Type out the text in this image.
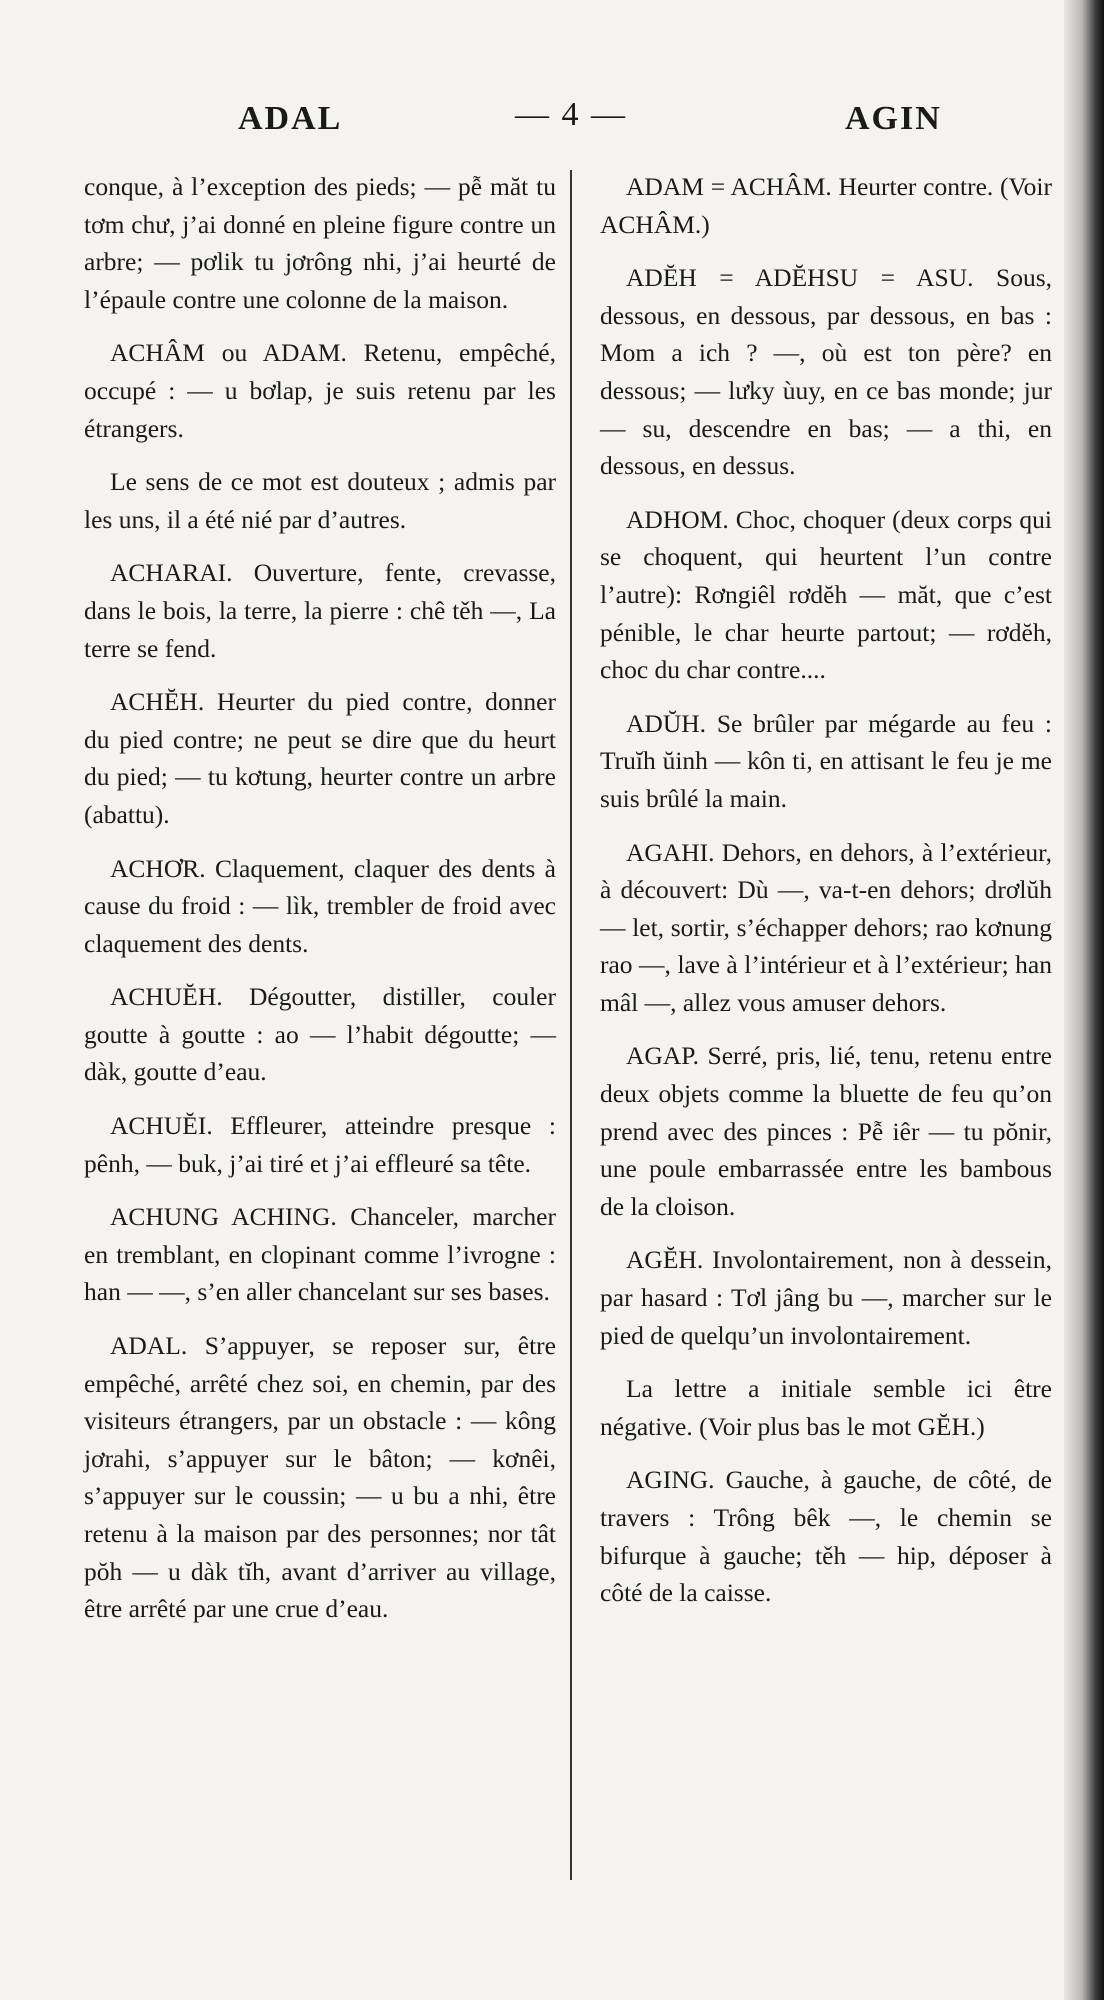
ADAL	— 4 —	AGIN

conque, à l’exception des pieds; — pễ măt tu tơm chư, j’ai donné en pleine figure contre un arbre; — pơlik tu jơrông nhi, j’ai heurté de l’épaule contre une colonne de la maison.

ACHÂM ou ADAM. Retenu, empêché, occupé : — u bơlap, je suis retenu par les étrangers.

Le sens de ce mot est douteux ; admis par les uns, il a été nié par d’autres.

ACHARAI. Ouverture, fente, crevasse, dans le bois, la terre, la pierre : chê těh —, La terre se fend.

ACHĔH. Heurter du pied contre, donner du pied contre; ne peut se dire que du heurt du pied; — tu kơtung, heurter contre un arbre (abattu).

ACHƠR. Claquement, claquer des dents à cause du froid : — lìk, trembler de froid avec claquement des dents.

ACHUĔH. Dégoutter, distiller, couler goutte à goutte : ao — l’habit dégoutte; — dàk, goutte d’eau.

ACHUĔI. Effleurer, atteindre presque : pênh, — buk, j’ai tiré et j’ai effleuré sa tête.

ACHUNG ACHING. Chanceler, marcher en tremblant, en clopinant comme l’ivrogne : han — —, s’en aller chancelant sur ses bases.

ADAL. S’appuyer, se reposer sur, être empêché, arrêté chez soi, en chemin, par des visiteurs étrangers, par un obstacle : — kông jơrahi, s’appuyer sur le bâton; — kơnêi, s’appuyer sur le coussin; — u bu a nhi, être retenu à la maison par des personnes; nor tât pŏh — u dàk tĭh, avant d’arriver au village, être arrêté par une crue d’eau.

ADAM = ACHÂM. Heurter contre. (Voir ACHÂM.)

ADĔH = ADĔHSU = ASU. Sous, dessous, en dessous, par dessous, en bas : Mom a ich ? —, où est ton père? en dessous; — lưky ùuy, en ce bas monde; jur — su, descendre en bas; — a thi, en dessous, en dessus.

ADHOM. Choc, choquer (deux corps qui se choquent, qui heurtent l’un contre l’autre): Rơngiêl rơdĕh — măt, que c’est pénible, le char heurte partout; — rơdĕh, choc du char contre....

ADŬH. Se brûler par mégarde au feu : Truĭh ŭinh — kôn ti, en attisant le feu je me suis brûlé la main.

AGAHI. Dehors, en dehors, à l’extérieur, à découvert: Dù —, va-t-en dehors; drơlŭh — let, sortir, s’échapper dehors; rao kơnung rao —, lave à l’intérieur et à l’extérieur; han mâl —, allez vous amuser dehors.

AGAP. Serré, pris, lié, tenu, retenu entre deux objets comme la bluette de feu qu’on prend avec des pinces : Pễ iêr — tu pŏnir, une poule embarrassée entre les bambous de la cloison.

AGĔH. Involontairement, non à dessein, par hasard : Tơl jâng bu —, marcher sur le pied de quelqu’un involontairement.

La lettre a initiale semble ici être négative. (Voir plus bas le mot GĔH.)

AGING. Gauche, à gauche, de côté, de travers : Trông bêk —, le chemin se bifurque à gauche; těh — hip, déposer à côté de la caisse.
